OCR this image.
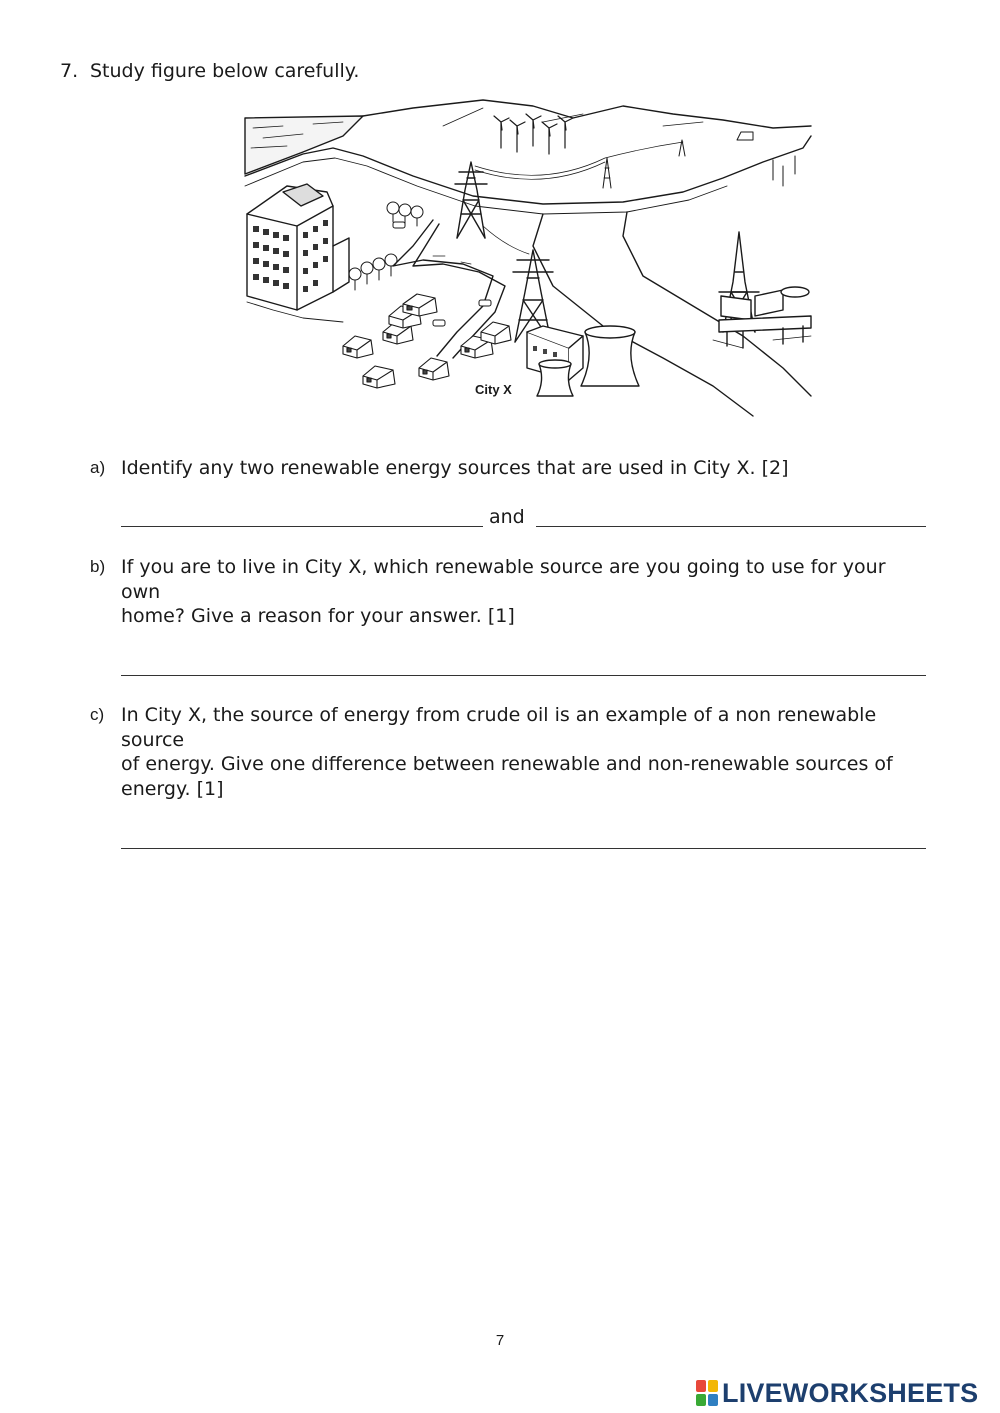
7. Study figure below carefully.
City X
a) Identify any two renewable energy sources that are used in City X. [2]
and
b) If you are to live in City X, which renewable source are you going to use for your
own
home? Give a reason for your answer. [1]
c) In City X, the source of energy from crude oil is an example of a non renewable
source
of energy. Give one difference between renewable and non-renewable sources of
energy. [1]
7
LIVEWORKSHEETS
